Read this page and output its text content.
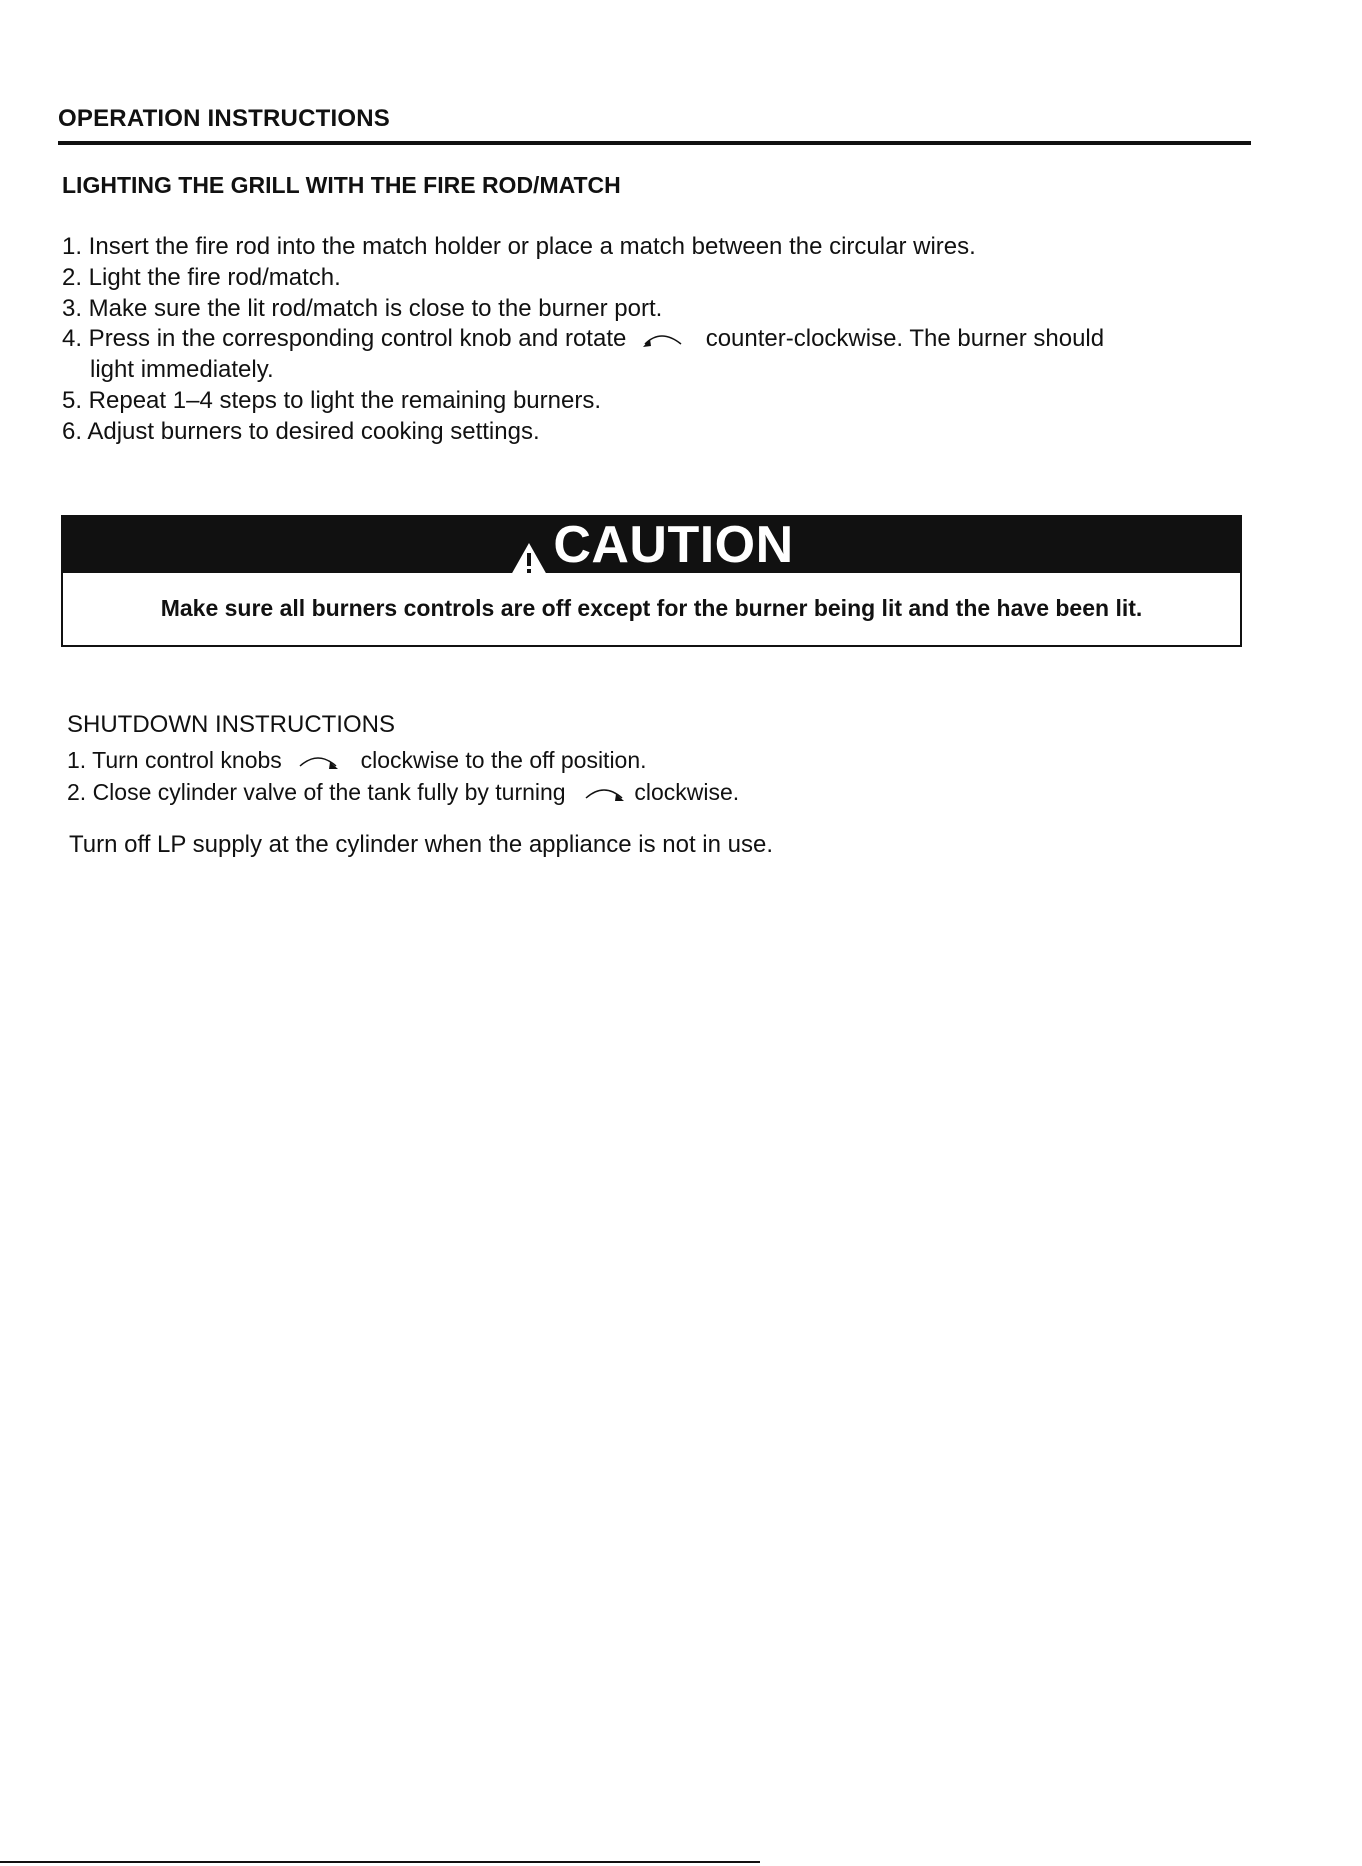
OPERATION INSTRUCTIONS
LIGHTING THE GRILL WITH THE FIRE ROD/MATCH
1. Insert the fire rod into the match holder or place a match between the circular wires.
2. Light the fire rod/match.
3. Make sure the lit rod/match is close to the burner port.
4. Press in the corresponding control knob and rotate	counter-clockwise. The burner should
light immediately.
5. Repeat 1–4 steps to light the remaining burners.
6. Adjust burners to desired cooking settings.
CAUTION
Make sure all burners controls are off except for the burner being lit and the have been lit.
SHUTDOWN INSTRUCTIONS
1. Turn control knobs	clockwise to the off position.
2. Close cylinder valve of the tank fully by turning	clockwise.
Turn off LP supply at the cylinder when the appliance is not in use.
